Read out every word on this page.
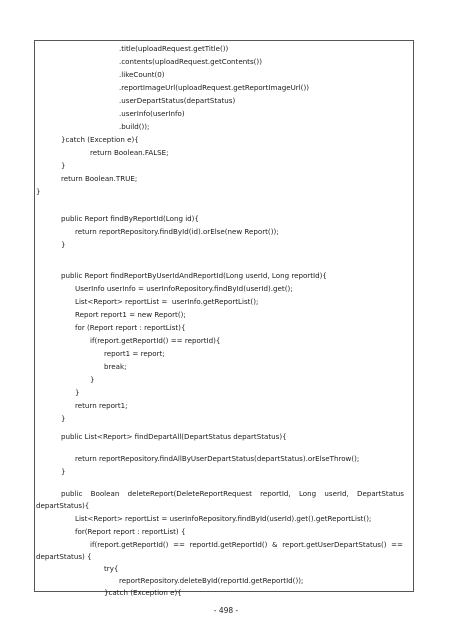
.title(uploadRequest.getTitle())
.contents(uploadRequest.getContents())
.likeCount(0)
.reportImageUrl(uploadRequest.getReportImageUrl())
.userDepartStatus(departStatus)
.userInfo(userInfo)
.build());
}catch (Exception e){
return Boolean.FALSE;
}
return Boolean.TRUE;
}
public Report findByReportId(Long id){
return reportRepository.findById(id).orElse(new Report());
}
public Report findReportByUserIdAndReportId(Long userId, Long reportId){
UserInfo userInfo = userInfoRepository.findById(userId).get();
List<Report> reportList =  userInfo.getReportList();
Report report1 = new Report();
for (Report report : reportList){
if(report.getReportId() == reportId){
report1 = report;
break;
}
}
return report1;
}
public List<Report> findDepartAll(DepartStatus departStatus){
return reportRepository.findAllByUserDepartStatus(departStatus).orElseThrow();
}
public Boolean deleteReport(DeleteReportRequest reportId, Long userId, DepartStatus
departStatus){
List<Report> reportList = userInfoRepository.findById(userId).get().getReportList();
for(Report report : reportList) {
if(report.getReportId() == reportId.getReportId() & report.getUserDepartStatus() ==
departStatus) {
try{
reportRepository.deleteById(reportId.getReportId());
}catch (Exception e){
- 498 -
